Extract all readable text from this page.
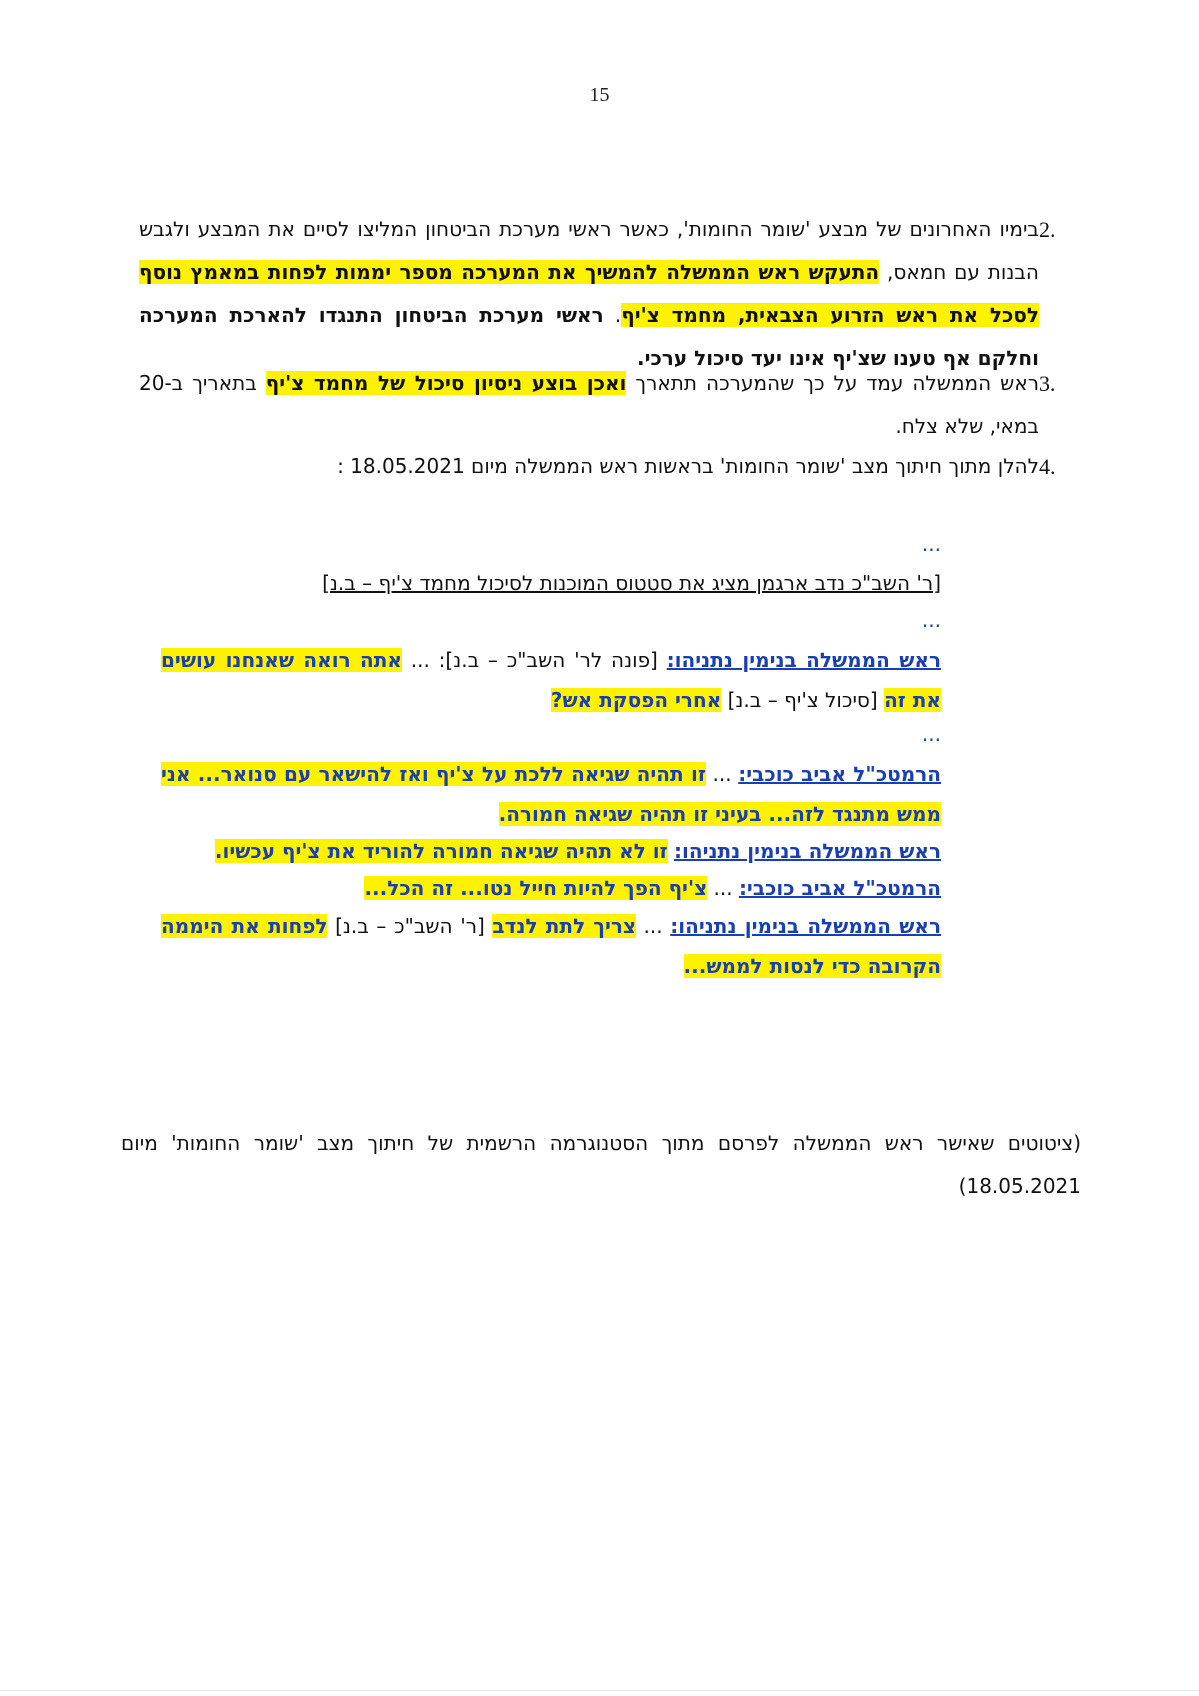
15
2.
בימיו האחרונים של מבצע 'שומר החומות', כאשר ראשי מערכת הביטחון המליצו לסיים את המבצע ולגבש הבנות עם חמאס, התעקש ראש הממשלה להמשיך את המערכה מספר יממות לפחות במאמץ נוסף לסכל את ראש הזרוע הצבאית, מחמד צ'יף. ראשי מערכת הביטחון התנגדו להארכת המערכה וחלקם אף טענו שצ'יף אינו יעד סיכול ערכי.
3.
ראש הממשלה עמד על כך שהמערכה תתארך ואכן בוצע ניסיון סיכול של מחמד צ'יף בתאריך ב-20 במאי, שלא צלח.
4.
להלן מתוך חיתוך מצב 'שומר החומות' בראשות ראש הממשלה מיום 18.05.2021 :
...
[ר' השב"כ נדב ארגמן מציג את סטטוס המוכנות לסיכול מחמד צ'יף – ב.נ]
...
ראש הממשלה בנימין נתניהו: [פונה לר' השב"כ – ב.נ]: ... אתה רואה שאנחנו עושים את זה [סיכול צ'יף – ב.נ] אחרי הפסקת אש?
...
הרמטכ"ל אביב כוכבי: ... זו תהיה שגיאה ללכת על צ'יף ואז להישאר עם סנואר... אני ממש מתנגד לזה... בעיני זו תהיה שגיאה חמורה.
ראש הממשלה בנימין נתניהו: זו לא תהיה שגיאה חמורה להוריד את צ'יף עכשיו.
הרמטכ"ל אביב כוכבי: ... צ'יף הפך להיות חייל נטו... זה הכל...
ראש הממשלה בנימין נתניהו: ... צריך לתת לנדב [ר' השב"כ – ב.נ] לפחות את היממה הקרובה כדי לנסות לממש...
(ציטוטים שאישר ראש הממשלה לפרסם מתוך הסטנוגרמה הרשמית של חיתוך מצב 'שומר החומות' מיום 18.05.2021)
